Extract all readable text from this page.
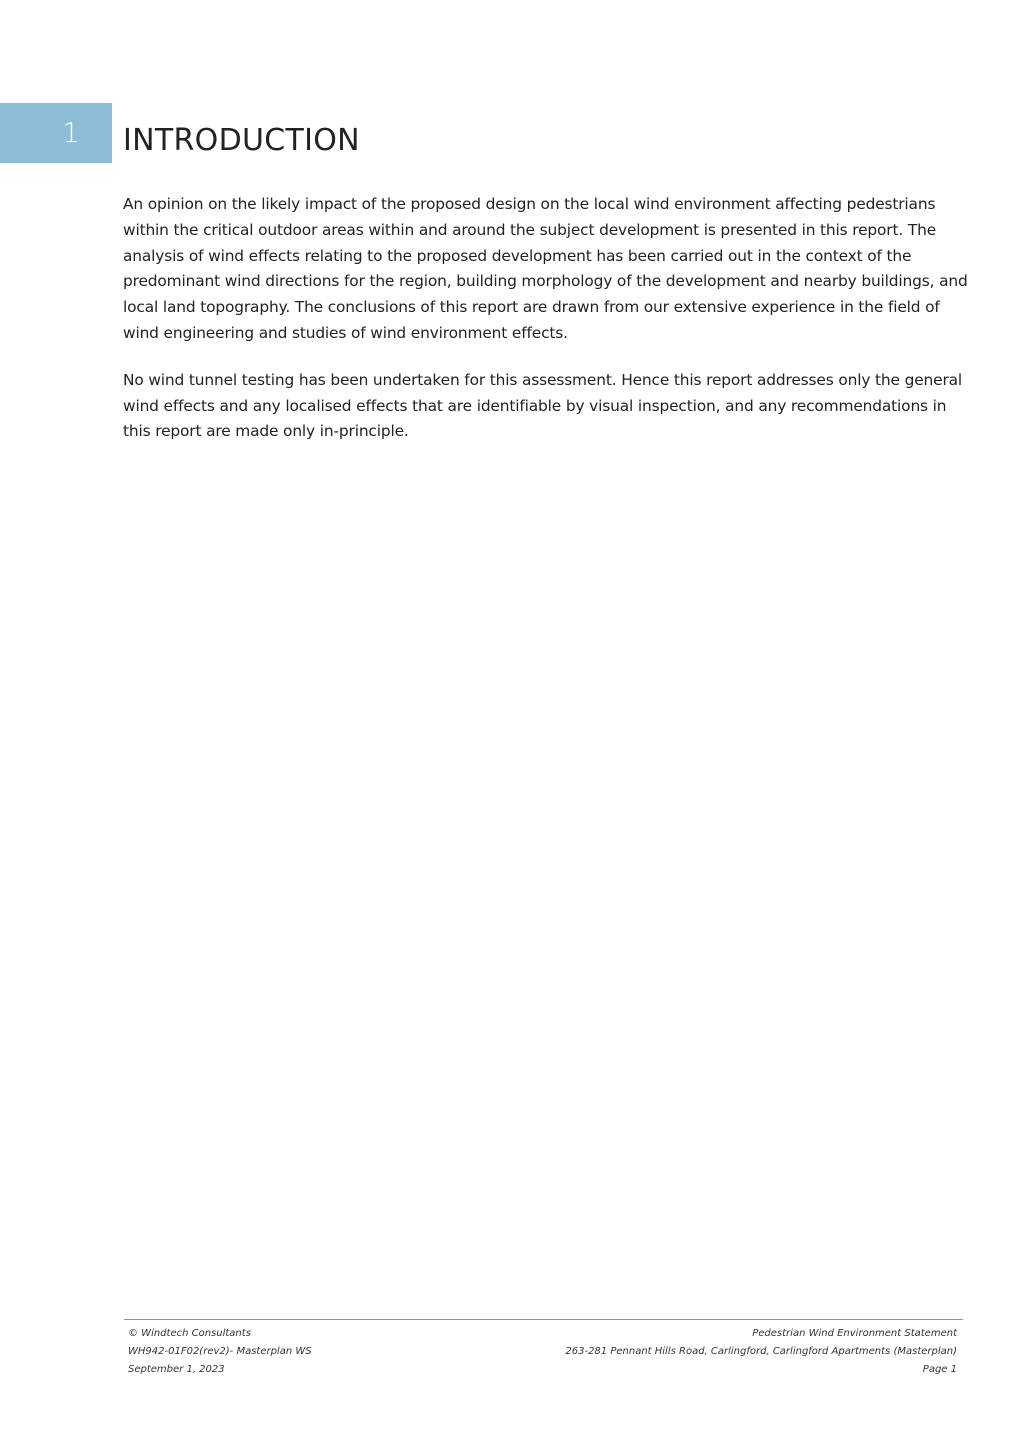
1 INTRODUCTION

An opinion on the likely impact of the proposed design on the local wind environment affecting pedestrians within the critical outdoor areas within and around the subject development is presented in this report. The analysis of wind effects relating to the proposed development has been carried out in the context of the predominant wind directions for the region, building morphology of the development and nearby buildings, and local land topography. The conclusions of this report are drawn from our extensive experience in the field of wind engineering and studies of wind environment effects.

No wind tunnel testing has been undertaken for this assessment. Hence this report addresses only the general wind effects and any localised effects that are identifiable by visual inspection, and any recommendations in this report are made only in-principle.

© Windtech Consultants
WH942-01F02(rev2)- Masterplan WS
September 1, 2023
Pedestrian Wind Environment Statement
263-281 Pennant Hills Road, Carlingford, Carlingford Apartments (Masterplan)
Page 1
